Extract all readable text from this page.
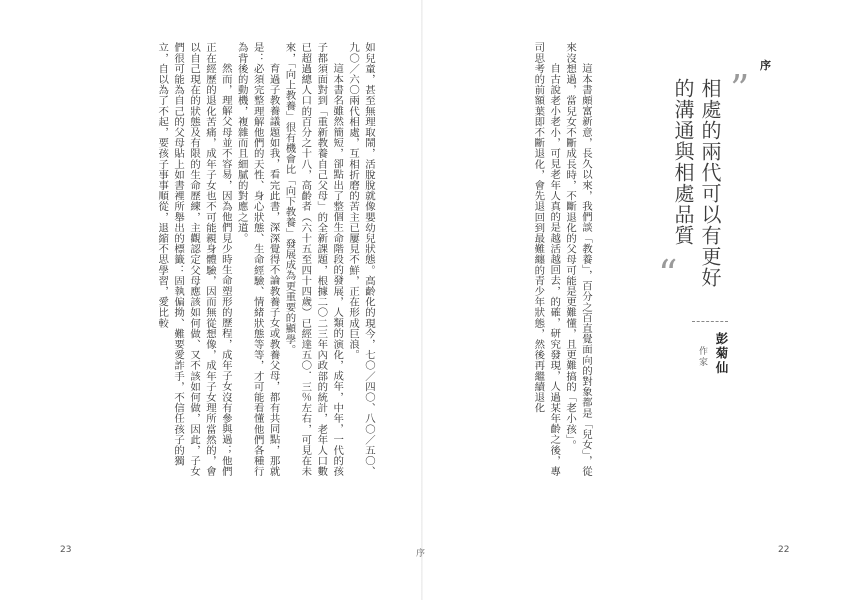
如兒童，甚至無理取鬧，活脫脫就像嬰幼兒狀態。高齡化的現今，七〇／四〇、八〇／五〇、九〇／六〇兩代相處，互相折磨的苦主已屢見不鮮，正在形成巨浪。

這本書名雖然簡短，卻點出了整個生命階段的發展，人類的演化，成年，中年，一代的孩子都須面對到「重新教養自己父母」的全新課題，根據二〇二三年內政部的統計，老年人口數已超過總人口的百分之十八，高齡者（六十五至四十四歲）已經達五〇．三％左右，可見在未來，「向上教養」很有機會比「向下教養」發展成為更重要的顯學。

育過子教養議題如我，看完此書，深深覺得不論教養子女或教養父母，都有共同點，那就是：必須完整理解他們的天性、身心狀態、生命經驗、情緒狀態等等，才可能看懂他們各種行為背後的動機，複雜而且細膩的對應之道。

然而，理解父母並不容易，因為他們見少時生命塑形的歷程，成年子女沒有參與過；他們正在經歷的退化苦痛，成年子女也不可能親身體驗，因而無從想像，成年子女理所當然的，會以自己現在的狀態及有限的生命歷練，主觀認定父母應該如何做、又不該如何做，因此，子女們很可能為自己的父母貼上如書裡所舉出的標籤：固執偏拗、難要愛詐手，不信任孩子的獨立，自以為了不起，要孩子事事順從，退縮不思學習，愛比較	這本書頗富新意，長久以來，我們談「教養」，百分之百直覺面向的對象都是「兒女」，從來沒想過，當兒女不斷成長時，不斷退化的父母可能是更難懂，且更難搞的「老小孩」。

自古說老小老小，可見老年人真的是越活越回去，的確，研究發現，人過某年齡之後，專司思考的前額葉即不斷退化，會先退回到最難纏的青少年狀態，然後再繼續退化	序
”
相處的兩代可以有更好的溝通與相處品質
“
彭菊仙
作家
23	序	22
